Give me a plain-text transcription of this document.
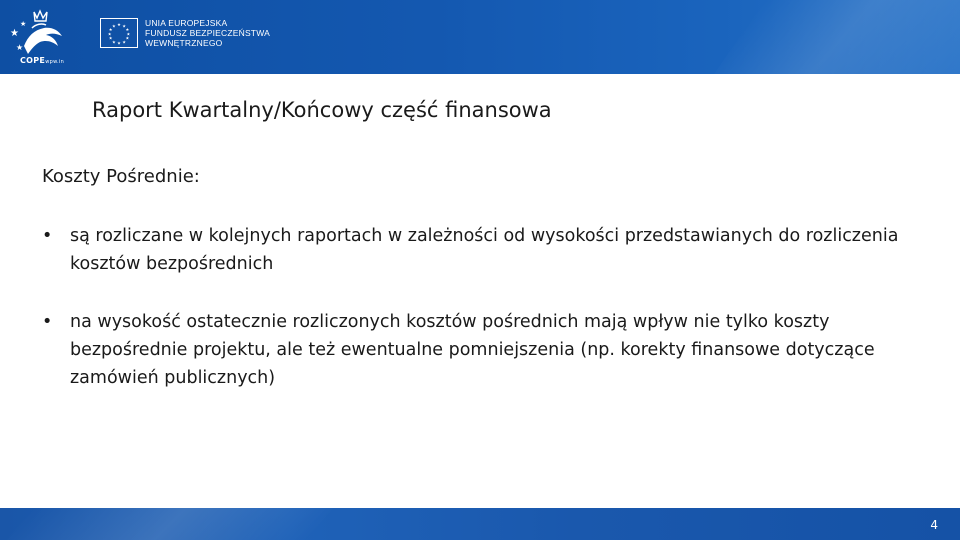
★
★
★
COPEwpw.in
★ ★
★
★
★
★
★
★
★
★
★
★	UNIA EUROPEJSKA
FUNDUSZ BEZPIECZEŃSTWA
WEWNĘTRZNEGO
Raport Kwartalny/Końcowy część finansowa
Koszty Pośrednie:
• są rozliczane w kolejnych raportach w zależności od wysokości przedstawianych do rozliczenia kosztów bezpośrednich
• na wysokość ostatecznie rozliczonych kosztów pośrednich mają wpływ nie tylko koszty bezpośrednie projektu, ale też ewentualne pomniejszenia (np. korekty finansowe dotyczące zamówień publicznych)
4
